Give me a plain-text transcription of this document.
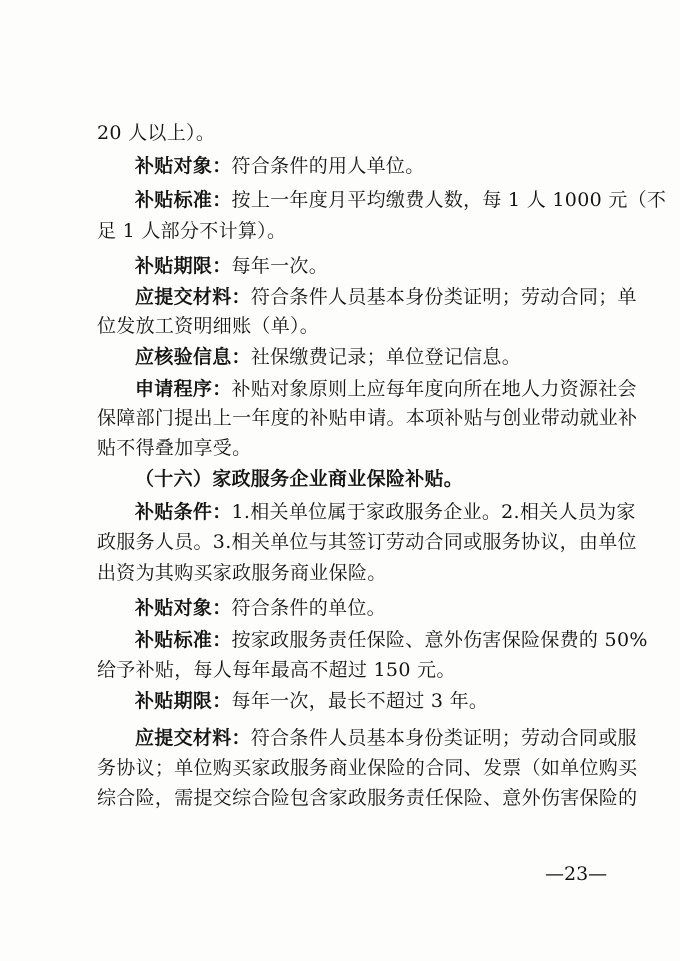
20 人以上）。
补贴对象：符合条件的用人单位。
补贴标准：按上一年度月平均缴费人数，每 1 人 1000 元（不
足 1 人部分不计算）。
补贴期限：每年一次。
应提交材料：符合条件人员基本身份类证明；劳动合同；单
位发放工资明细账（单）。
应核验信息：社保缴费记录；单位登记信息。
申请程序：补贴对象原则上应每年度向所在地人力资源社会
保障部门提出上一年度的补贴申请。本项补贴与创业带动就业补
贴不得叠加享受。
（十六）家政服务企业商业保险补贴。
补贴条件：1.相关单位属于家政服务企业。2.相关人员为家
政服务人员。3.相关单位与其签订劳动合同或服务协议，由单位
出资为其购买家政服务商业保险。
补贴对象：符合条件的单位。
补贴标准：按家政服务责任保险、意外伤害保险保费的 50%
给予补贴，每人每年最高不超过 150 元。
补贴期限：每年一次，最长不超过 3 年。
应提交材料：符合条件人员基本身份类证明；劳动合同或服
务协议；单位购买家政服务商业保险的合同、发票（如单位购买
综合险，需提交综合险包含家政服务责任保险、意外伤害保险的
—23—
